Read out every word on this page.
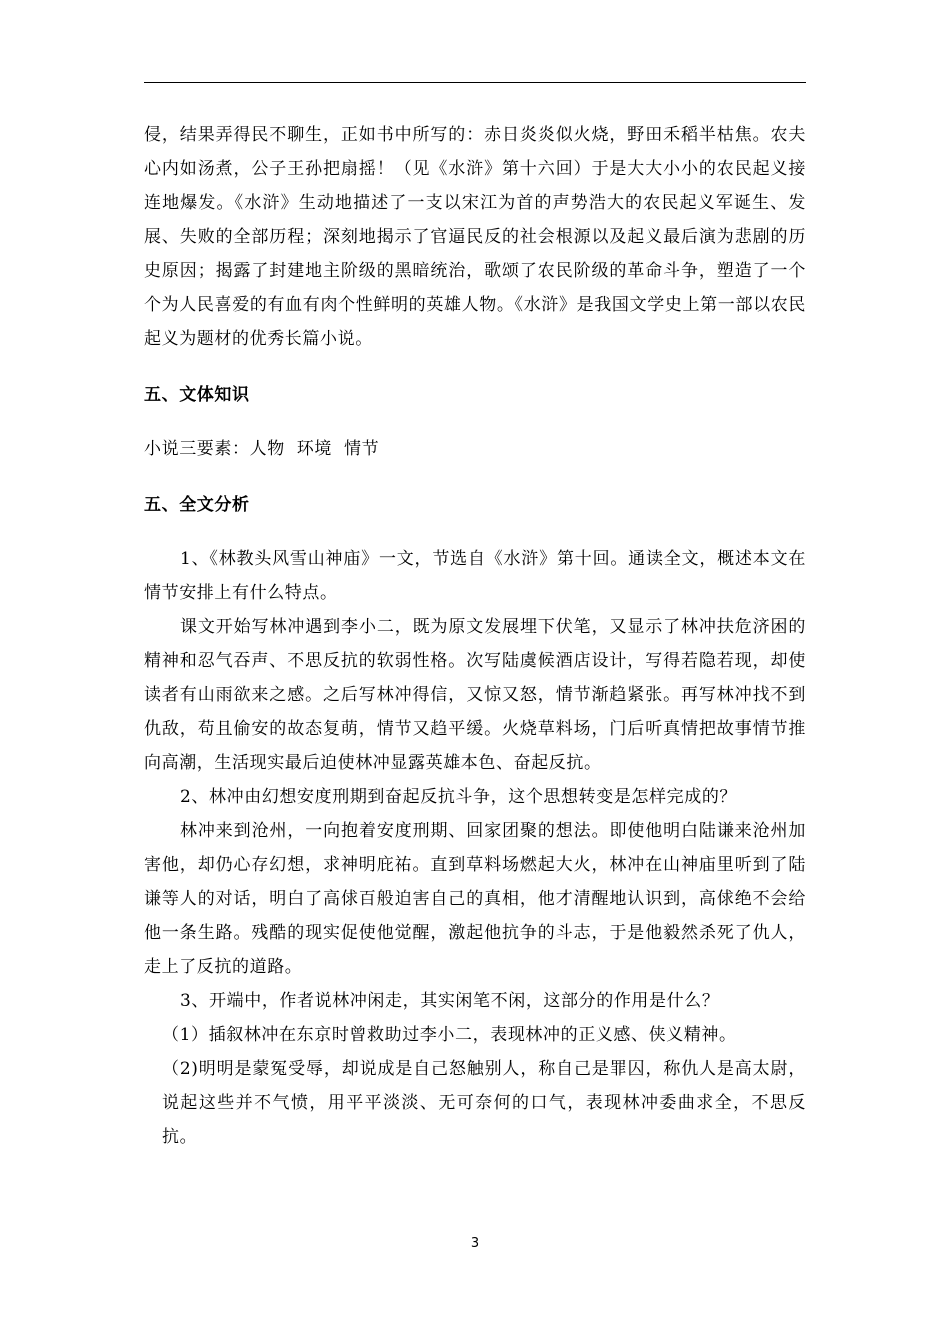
侵，结果弄得民不聊生，正如书中所写的：赤日炎炎似火烧，野田禾稻半枯焦。农夫心内如汤煮，公子王孙把扇摇！（见《水浒》第十六回）于是大大小小的农民起义接连地爆发。《水浒》生动地描述了一支以宋江为首的声势浩大的农民起义军诞生、发展、失败的全部历程；深刻地揭示了官逼民反的社会根源以及起义最后演为悲剧的历史原因；揭露了封建地主阶级的黑暗统治，歌颂了农民阶级的革命斗争，塑造了一个个为人民喜爱的有血有肉个性鲜明的英雄人物。《水浒》是我国文学史上第一部以农民起义为题材的优秀长篇小说。

五、文体知识

小说三要素：人物  环境  情节

五、全文分析

1、《林教头风雪山神庙》一文，节选自《水浒》第十回。通读全文，概述本文在情节安排上有什么特点。

课文开始写林冲遇到李小二，既为原文发展埋下伏笔，又显示了林冲扶危济困的精神和忍气吞声、不思反抗的软弱性格。次写陆虞候酒店设计，写得若隐若现，却使读者有山雨欲来之感。之后写林冲得信，又惊又怒，情节渐趋紧张。再写林冲找不到仇敌，苟且偷安的故态复萌，情节又趋平缓。火烧草料场，门后听真情把故事情节推向高潮，生活现实最后迫使林冲显露英雄本色、奋起反抗。

2、林冲由幻想安度刑期到奋起反抗斗争，这个思想转变是怎样完成的？

林冲来到沧州，一向抱着安度刑期、回家团聚的想法。即使他明白陆谦来沧州加害他，却仍心存幻想，求神明庇祐。直到草料场燃起大火，林冲在山神庙里听到了陆谦等人的对话，明白了高俅百般迫害自己的真相，他才清醒地认识到，高俅绝不会给他一条生路。残酷的现实促使他觉醒，激起他抗争的斗志，于是他毅然杀死了仇人，走上了反抗的道路。

3、开端中，作者说林冲闲走，其实闲笔不闲，这部分的作用是什么？

（1）插叙林冲在东京时曾救助过李小二，表现林冲的正义感、侠义精神。

（2)明明是蒙冤受辱，却说成是自己怒触别人，称自己是罪囚，称仇人是高太尉，说起这些并不气愤，用平平淡淡、无可奈何的口气，表现林冲委曲求全，不思反抗。

3
